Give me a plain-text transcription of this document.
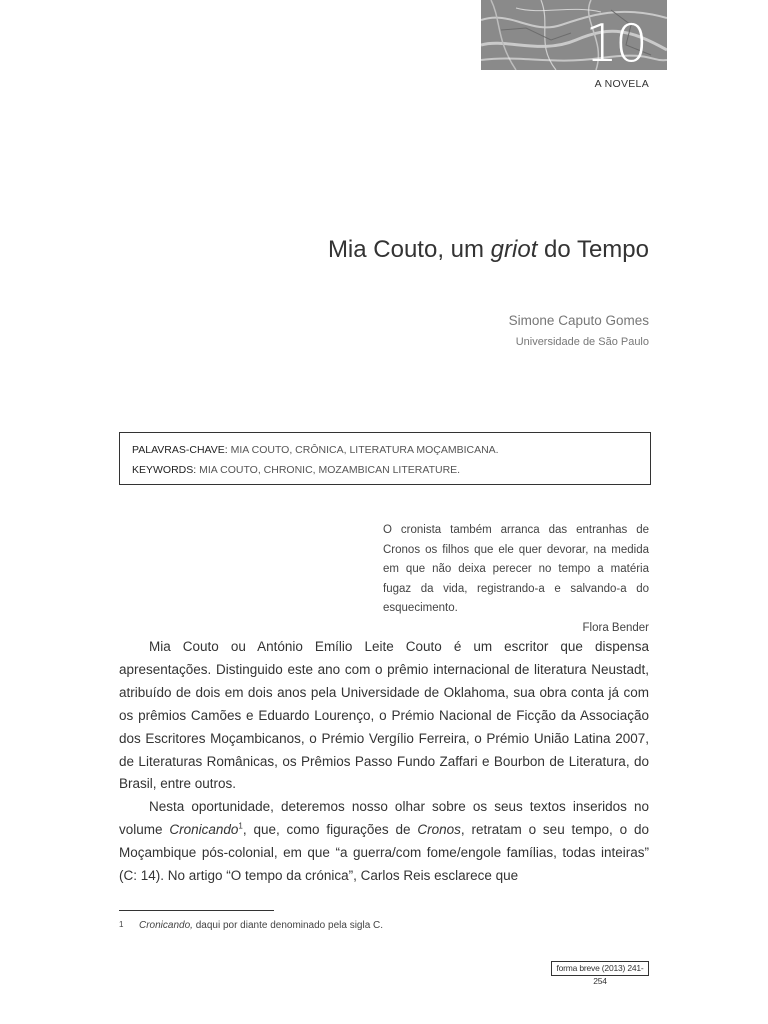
10
A NOVELA
Mia Couto, um griot do Tempo
Simone Caputo Gomes
Universidade de São Paulo
PALAVRAS-CHAVE: MIA COUTO, CRÔNICA, LITERATURA MOÇAMBICANA.
KEYWORDS: MIA COUTO, CHRONIC, MOZAMBICAN LITERATURE.
O cronista também arranca das entranhas de Cronos os filhos que ele quer devorar, na medida em que não deixa perecer no tempo a matéria fugaz da vida, registrando-a e salvando-a do esquecimento.
Flora Bender

Mia Couto ou António Emílio Leite Couto é um escritor que dispensa apresentações. Distinguido este ano com o prêmio internacional de literatura Neustadt, atribuído de dois em dois anos pela Universidade de Oklahoma, sua obra conta já com os prêmios Camões e Eduardo Lourenço, o Prémio Nacional de Ficção da Associação dos Escritores Moçambicanos, o Prémio Vergílio Ferreira, o Prémio União Latina 2007, de Literaturas Românicas, os Prêmios Passo Fundo Zaffari e Bourbon de Literatura, do Brasil, entre outros.

Nesta oportunidade, deteremos nosso olhar sobre os seus textos inseridos no volume Cronicando$^1$, que, como figurações de Cronos, retratam o seu tempo, o do Moçambique pós-colonial, em que “a guerra/com fome/engole famílias, todas inteiras” (C: 14). No artigo “O tempo da crónica”, Carlos Reis esclarece que

1 Cronicando, daqui por diante denominado pela sigla C.
forma breve (2013) 241-254
